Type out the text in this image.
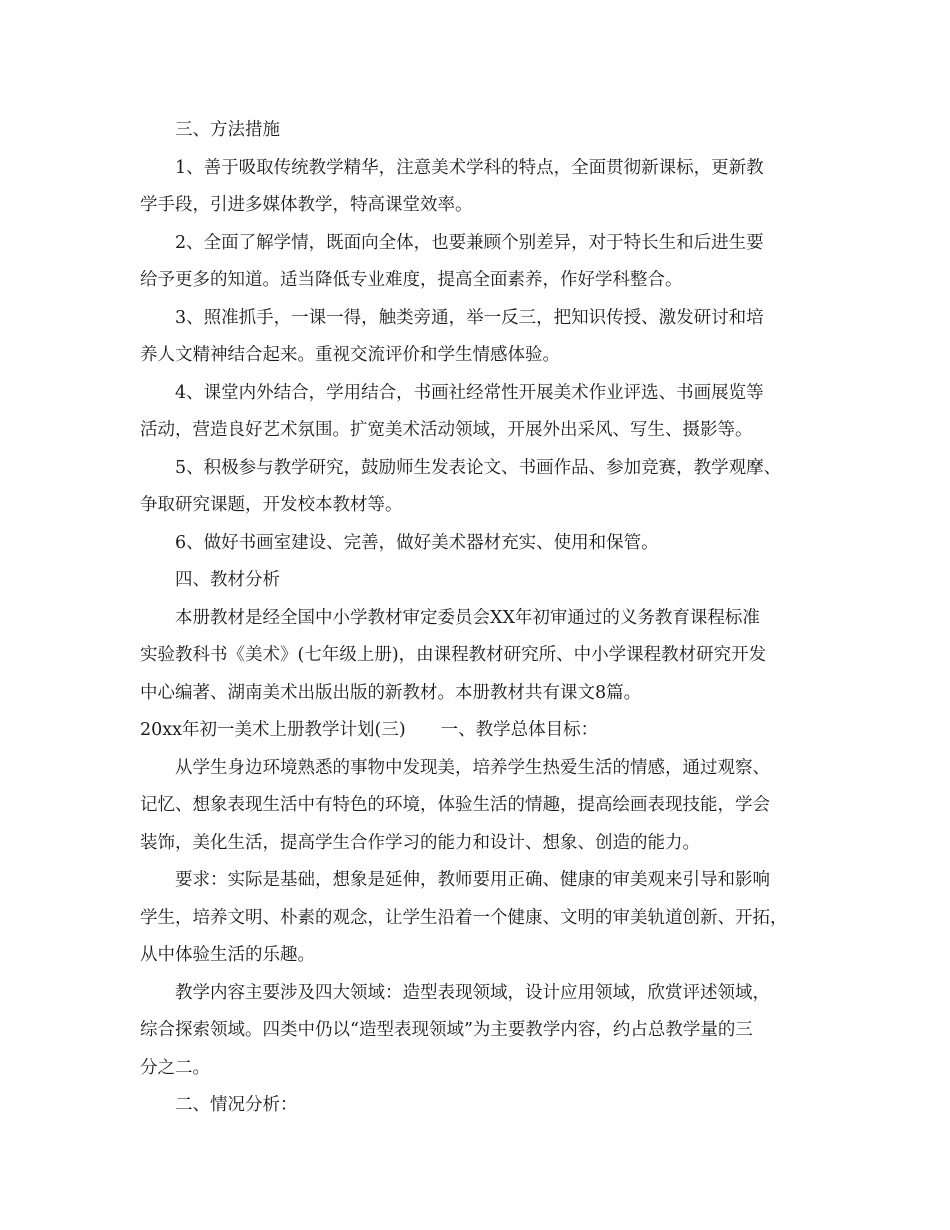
三、方法措施
1、善于吸取传统教学精华，注意美术学科的特点，全面贯彻新课标，更新教
学手段，引进多媒体教学，特高课堂效率。
2、全面了解学情，既面向全体，也要兼顾个别差异，对于特长生和后进生要
给予更多的知道。适当降低专业难度，提高全面素养，作好学科整合。
3、照准抓手，一课一得，触类旁通，举一反三，把知识传授、激发研讨和培
养人文精神结合起来。重视交流评价和学生情感体验。
4、课堂内外结合，学用结合，书画社经常性开展美术作业评选、书画展览等
活动，营造良好艺术氛围。扩宽美术活动领域，开展外出采风、写生、摄影等。
5、积极参与教学研究，鼓励师生发表论文、书画作品、参加竞赛，教学观摩、
争取研究课题，开发校本教材等。
6、做好书画室建设、完善，做好美术器材充实、使用和保管。
四、教材分析
本册教材是经全国中小学教材审定委员会XX年初审通过的义务教育课程标准
实验教科书《美术》(七年级上册)，由课程教材研究所、中小学课程教材研究开发
中心编著、湖南美术出版出版的新教材。本册教材共有课文8篇。
20xx年初一美术上册教学计划(三)　　一、教学总体目标：
从学生身边环境熟悉的事物中发现美，培养学生热爱生活的情感，通过观察、
记忆、想象表现生活中有特色的环境，体验生活的情趣，提高绘画表现技能，学会
装饰，美化生活，提高学生合作学习的能力和设计、想象、创造的能力。
要求：实际是基础，想象是延伸，教师要用正确、健康的审美观来引导和影响
学生，培养文明、朴素的观念，让学生沿着一个健康、文明的审美轨道创新、开拓，
从中体验生活的乐趣。
教学内容主要涉及四大领域：造型表现领域，设计应用领域，欣赏评述领域，
综合探索领域。四类中仍以“造型表现领域”为主要教学内容，约占总教学量的三
分之二。
二、情况分析：
